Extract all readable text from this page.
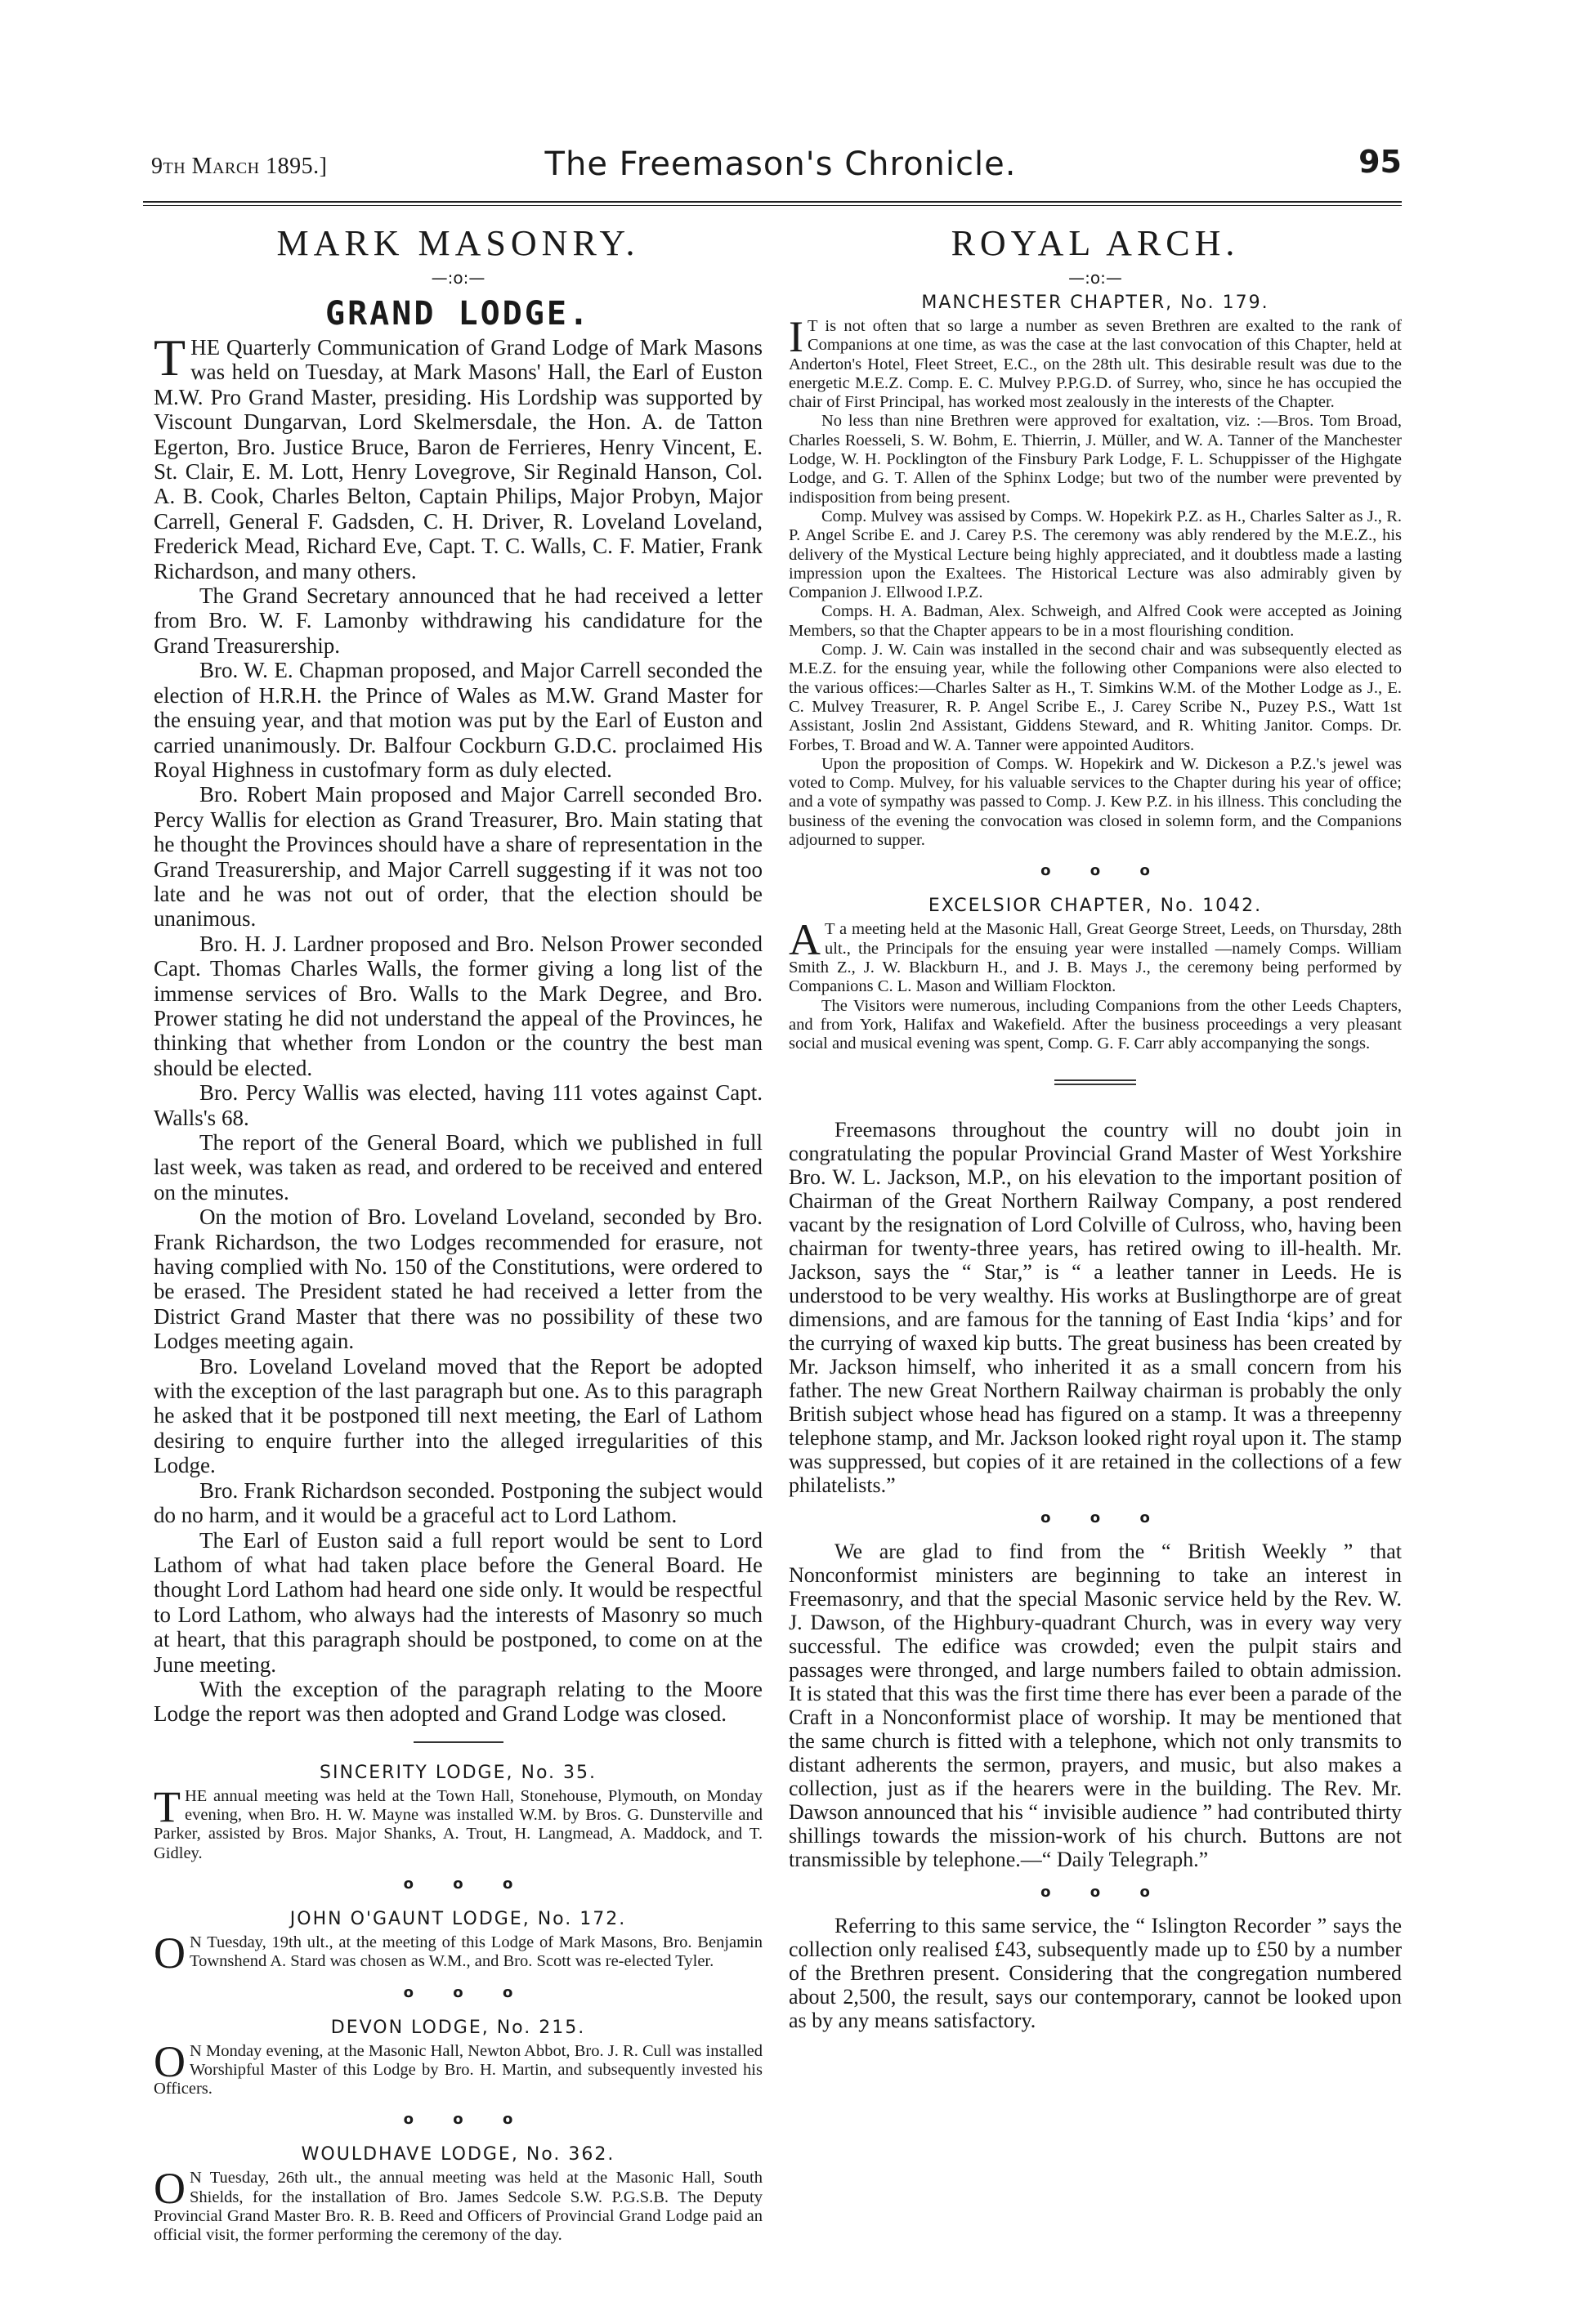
9th March 1895.]	The Freemason's Chronicle.	95
MARK MASONRY.
—:o:—
GRAND LODGE.

THE Quarterly Communication of Grand Lodge of Mark Masons was held on Tuesday, at Mark Masons' Hall, the Earl of Euston M.W. Pro Grand Master, presiding. His Lordship was supported by Viscount Dungarvan, Lord Skelmersdale, the Hon. A. de Tatton Egerton, Bro. Justice Bruce, Baron de Ferrieres, Henry Vincent, E. St. Clair, E. M. Lott, Henry Lovegrove, Sir Reginald Hanson, Col. A. B. Cook, Charles Belton, Captain Philips, Major Probyn, Major Carrell, General F. Gadsden, C. H. Driver, R. Loveland Loveland, Frederick Mead, Richard Eve, Capt. T. C. Walls, C. F. Matier, Frank Richardson, and many others.

The Grand Secretary announced that he had received a letter from Bro. W. F. Lamonby withdrawing his candidature for the Grand Treasurership.

Bro. W. E. Chapman proposed, and Major Carrell seconded the election of H.R.H. the Prince of Wales as M.W. Grand Master for the ensuing year, and that motion was put by the Earl of Euston and carried unanimously. Dr. Balfour Cockburn G.D.C. proclaimed His Royal Highness in custofmary form as duly elected.

Bro. Robert Main proposed and Major Carrell seconded Bro. Percy Wallis for election as Grand Treasurer, Bro. Main stating that he thought the Provinces should have a share of representation in the Grand Treasurership, and Major Carrell suggesting if it was not too late and he was not out of order, that the election should be unanimous.

Bro. H. J. Lardner proposed and Bro. Nelson Prower seconded Capt. Thomas Charles Walls, the former giving a long list of the immense services of Bro. Walls to the Mark Degree, and Bro. Prower stating he did not understand the appeal of the Provinces, he thinking that whether from London or the country the best man should be elected.

Bro. Percy Wallis was elected, having 111 votes against Capt. Walls's 68.

The report of the General Board, which we published in full last week, was taken as read, and ordered to be received and entered on the minutes.

On the motion of Bro. Loveland Loveland, seconded by Bro. Frank Richardson, the two Lodges recommended for erasure, not having complied with No. 150 of the Constitutions, were ordered to be erased. The President stated he had received a letter from the District Grand Master that there was no possibility of these two Lodges meeting again.

Bro. Loveland Loveland moved that the Report be adopted with the exception of the last paragraph but one. As to this paragraph he asked that it be postponed till next meeting, the Earl of Lathom desiring to enquire further into the alleged irregularities of this Lodge.

Bro. Frank Richardson seconded. Postponing the subject would do no harm, and it would be a graceful act to Lord Lathom.

The Earl of Euston said a full report would be sent to Lord Lathom of what had taken place before the General Board. He thought Lord Lathom had heard one side only. It would be respectful to Lord Lathom, who always had the interests of Masonry so much at heart, that this paragraph should be postponed, to come on at the June meeting.

With the exception of the paragraph relating to the Moore Lodge the report was then adopted and Grand Lodge was closed.

SINCERITY LODGE, No. 35.

THE annual meeting was held at the Town Hall, Stonehouse, Plymouth, on Monday evening, when Bro. H. W. Mayne was installed W.M. by Bros. G. Dunsterville and Parker, assisted by Bros. Major Shanks, A. Trout, H. Langmead, A. Maddock, and T. Gidley.

o o o
JOHN O'GAUNT LODGE, No. 172.

O N Tuesday, 19th ult., at the meeting of this Lodge of Mark Masons, Bro. Benjamin Townshend A. Stard was chosen as W.M., and Bro. Scott was re-elected Tyler.

o o o
DEVON LODGE, No. 215.

O N Monday evening, at the Masonic Hall, Newton Abbot, Bro. J. R. Cull was installed Worshipful Master of this Lodge by Bro. H. Martin, and subsequently invested his Officers.

o o o
WOULDHAVE LODGE, No. 362.

O N Tuesday, 26th ult., the annual meeting was held at the Masonic Hall, South Shields, for the installation of Bro. James Sedcole S.W. P.G.S.B. The Deputy Provincial Grand Master Bro. R. B. Reed and Officers of Provincial Grand Lodge paid an official visit, the former performing the ceremony of the day.

ROYAL ARCH.
—:o:—
MANCHESTER CHAPTER, No. 179.

I T is not often that so large a number as seven Brethren are exalted to the rank of Companions at one time, as was the case at the last convocation of this Chapter, held at Anderton's Hotel, Fleet Street, E.C., on the 28th ult. This desirable result was due to the energetic M.E.Z. Comp. E. C. Mulvey P.P.G.D. of Surrey, who, since he has occupied the chair of First Principal, has worked most zealously in the interests of the Chapter.

No less than nine Brethren were approved for exaltation, viz. :—Bros. Tom Broad, Charles Roesseli, S. W. Bohm, E. Thierrin, J. Müller, and W. A. Tanner of the Manchester Lodge, W. H. Pocklington of the Finsbury Park Lodge, F. L. Schuppisser of the Highgate Lodge, and G. T. Allen of the Sphinx Lodge; but two of the number were prevented by indisposition from being present.

Comp. Mulvey was assised by Comps. W. Hopekirk P.Z. as H., Charles Salter as J., R. P. Angel Scribe E. and J. Carey P.S. The ceremony was ably rendered by the M.E.Z., his delivery of the Mystical Lecture being highly appreciated, and it doubtless made a lasting impression upon the Exaltees. The Historical Lecture was also admirably given by Companion J. Ellwood I.P.Z.

Comps. H. A. Badman, Alex. Schweigh, and Alfred Cook were accepted as Joining Members, so that the Chapter appears to be in a most flourishing condition.

Comp. J. W. Cain was installed in the second chair and was subsequently elected as M.E.Z. for the ensuing year, while the following other Companions were also elected to the various offices:—Charles Salter as H., T. Simkins W.M. of the Mother Lodge as J., E. C. Mulvey Treasurer, R. P. Angel Scribe E., J. Carey Scribe N., Puzey P.S., Watt 1st Assistant, Joslin 2nd Assistant, Giddens Steward, and R. Whiting Janitor. Comps. Dr. Forbes, T. Broad and W. A. Tanner were appointed Auditors.

Upon the proposition of Comps. W. Hopekirk and W. Dickeson a P.Z.'s jewel was voted to Comp. Mulvey, for his valuable services to the Chapter during his year of office; and a vote of sympathy was passed to Comp. J. Kew P.Z. in his illness. This concluding the business of the evening the convocation was closed in solemn form, and the Companions adjourned to supper.

o o o
EXCELSIOR CHAPTER, No. 1042.

A T a meeting held at the Masonic Hall, Great George Street, Leeds, on Thursday, 28th ult., the Principals for the ensuing year were installed —namely Comps. William Smith Z., J. W. Blackburn H., and J. B. Mays J., the ceremony being performed by Companions C. L. Mason and William Flockton.

The Visitors were numerous, including Companions from the other Leeds Chapters, and from York, Halifax and Wakefield. After the business proceedings a very pleasant social and musical evening was spent, Comp. G. F. Carr ably accompanying the songs.

Freemasons throughout the country will no doubt join in congratulating the popular Provincial Grand Master of West Yorkshire Bro. W. L. Jackson, M.P., on his elevation to the important position of Chairman of the Great Northern Railway Company, a post rendered vacant by the resignation of Lord Colville of Culross, who, having been chairman for twenty-three years, has retired owing to ill-health. Mr. Jackson, says the “ Star,” is “ a leather tanner in Leeds. He is understood to be very wealthy. His works at Buslingthorpe are of great dimensions, and are famous for the tanning of East India ‘kips’ and for the currying of waxed kip butts. The great business has been created by Mr. Jackson himself, who inherited it as a small concern from his father. The new Great Northern Railway chairman is probably the only British subject whose head has figured on a stamp. It was a threepenny telephone stamp, and Mr. Jackson looked right royal upon it. The stamp was suppressed, but copies of it are retained in the collections of a few philatelists.”

o o o

We are glad to find from the “ British Weekly ” that Nonconformist ministers are beginning to take an interest in Freemasonry, and that the special Masonic service held by the Rev. W. J. Dawson, of the Highbury-quadrant Church, was in every way very successful. The edifice was crowded; even the pulpit stairs and passages were thronged, and large numbers failed to obtain admission. It is stated that this was the first time there has ever been a parade of the Craft in a Nonconformist place of worship. It may be mentioned that the same church is fitted with a telephone, which not only transmits to distant adherents the sermon, prayers, and music, but also makes a collection, just as if the hearers were in the building. The Rev. Mr. Dawson announced that his “ invisible audience ” had contributed thirty shillings towards the mission-work of his church. Buttons are not transmissible by telephone.—“ Daily Telegraph.”

o o o

Referring to this same service, the “ Islington Recorder ” says the collection only realised £43, subsequently made up to £50 by a number of the Brethren present. Considering that the congregation numbered about 2,500, the result, says our contemporary, cannot be looked upon as by any means satisfactory.
